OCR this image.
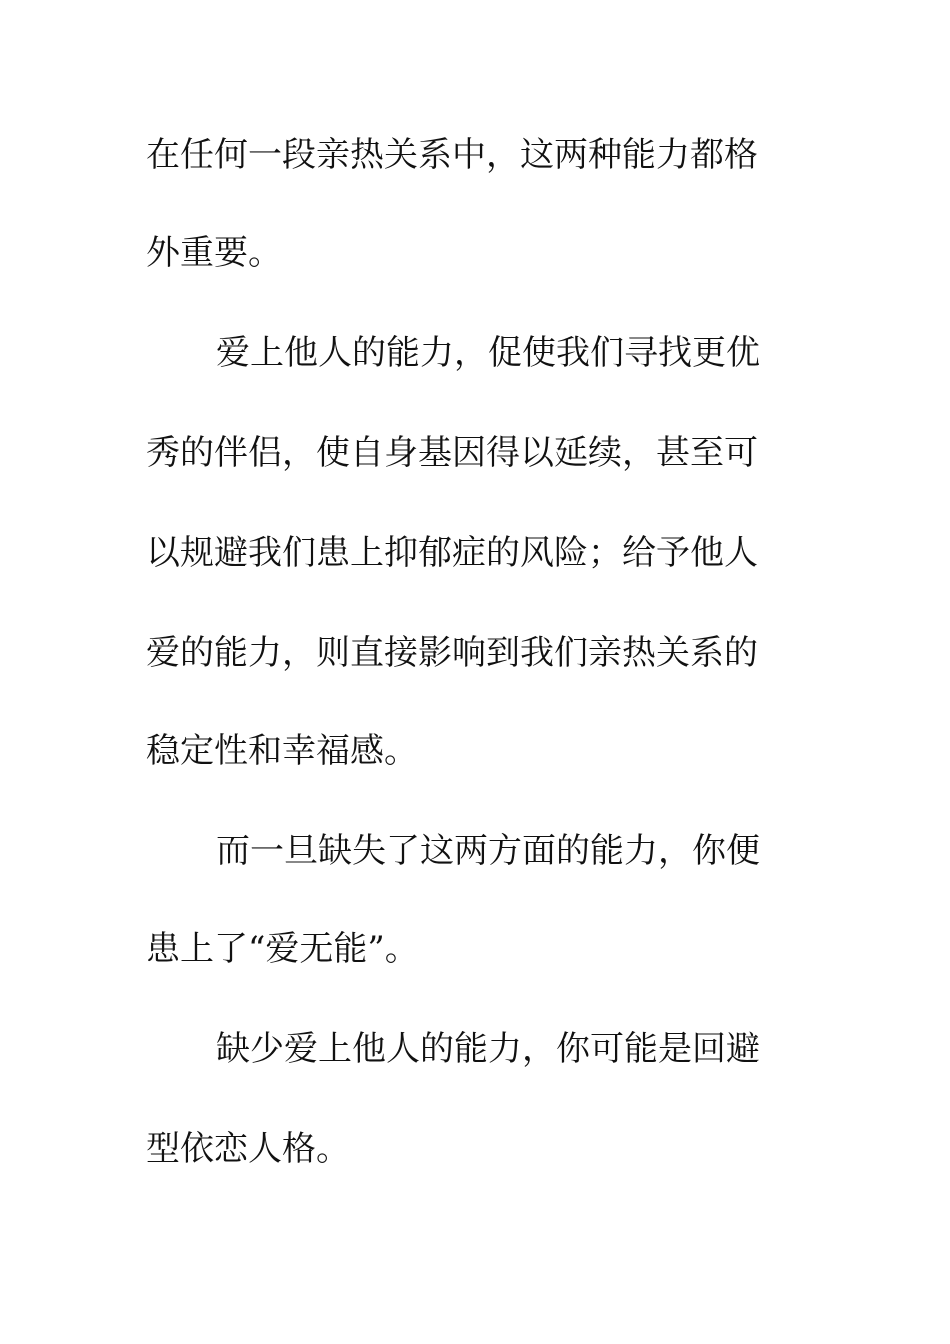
在任何一段亲热关系中，这两种能力都格

外重要。

爱上他人的能力，促使我们寻找更优

秀的伴侣，使自身基因得以延续，甚至可

以规避我们患上抑郁症的风险；给予他人

爱的能力，则直接影响到我们亲热关系的

稳定性和幸福感。

而一旦缺失了这两方面的能力，你便

患上了“爱无能”。

缺少爱上他人的能力，你可能是回避

型依恋人格。
